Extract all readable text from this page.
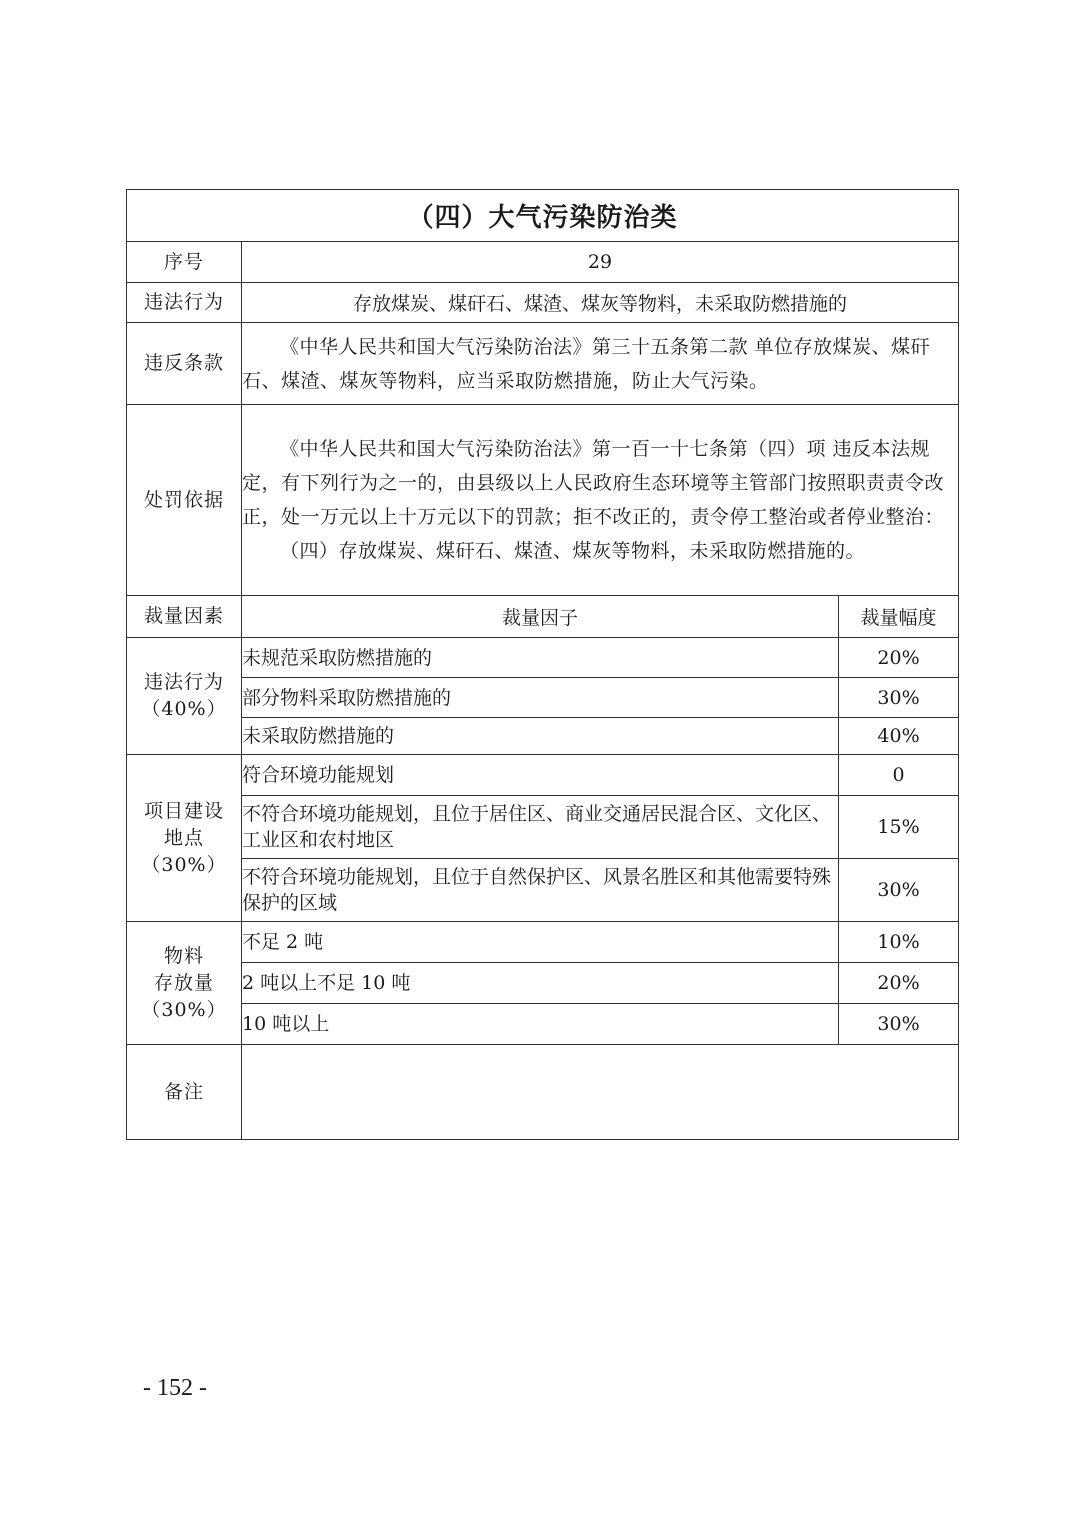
（四）大气污染防治类		
序号	29	
违法行为	存放煤炭、煤矸石、煤渣、煤灰等物料，未采取防燃措施的	
违反条款	《中华人民共和国大气污染防治法》第三十五条第二款 单位存放煤炭、煤矸石、煤渣、煤灰等物料，应当采取防燃措施，防止大气污染。	

处罚依据	《中华人民共和国大气污染防治法》第一百一十七条第（四）项 违反本法规定，有下列行为之一的，由县级以上人民政府生态环境等主管部门按照职责责令改正，处一万元以上十万元以下的罚款；拒不改正的，责令停工整治或者停业整治：
（四）存放煤炭、煤矸石、煤渣、煤灰等物料，未采取防燃措施的。	

裁量因素	裁量因子	裁量幅度

违法行为
（40%）	未规范采取防燃措施的	20%
	部分物料采取防燃措施的	30%
	未采取防燃措施的	40%

项目建设
地点
（30%）	符合环境功能规划	0
	不符合环境功能规划，且位于居住区、商业交通居民混合区、文化区、工业区和农村地区	15%
	不符合环境功能规划，且位于自然保护区、风景名胜区和其他需要特殊保护的区域	30%

物料
存放量
（30%）	不足 2 吨	10%
	2 吨以上不足 10 吨	20%
	10 吨以上	30%
备注		
- 152 -
